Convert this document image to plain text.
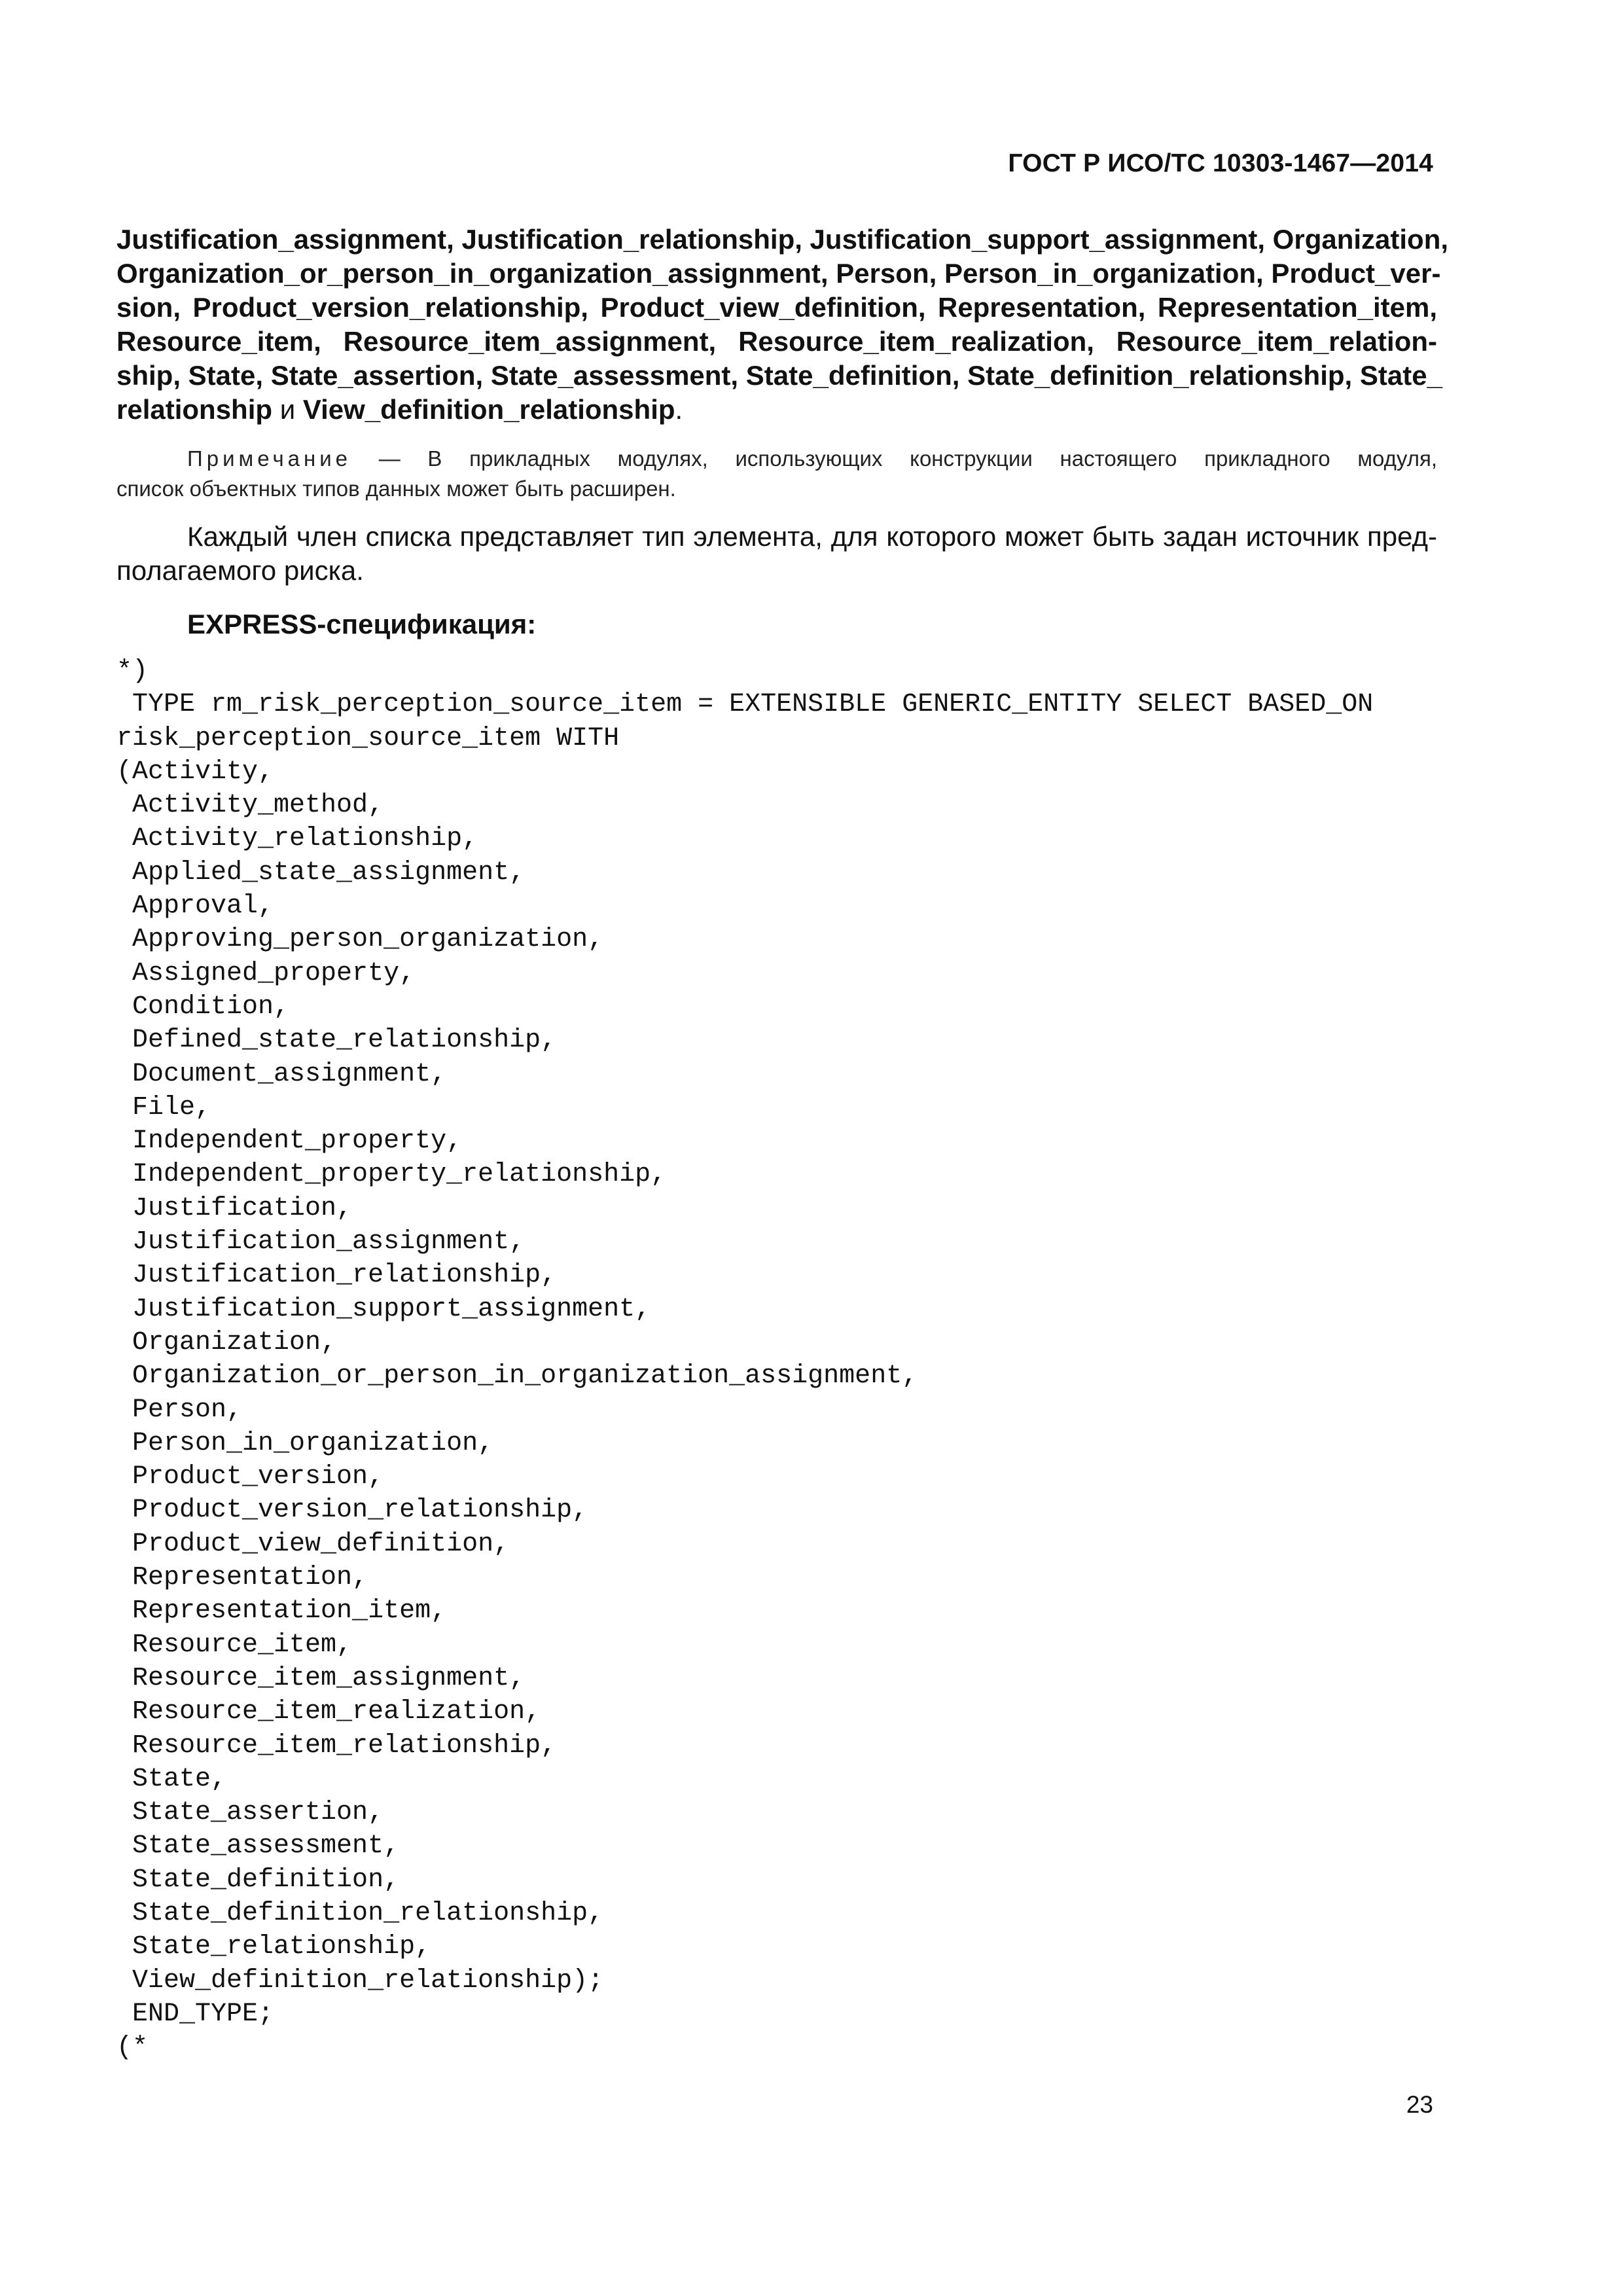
ГОСТ Р ИСО/ТС 10303-1467—2014
Justification_assignment, Justification_relationship, Justification_support_assignment, Organization,
Organization_or_person_in_organization_assignment, Person, Person_in_organization, Product_ver-
sion, Product_version_relationship, Product_view_definition, Representation, Representation_item,
Resource_item, Resource_item_assignment, Resource_item_realization, Resource_item_relation-
ship, State, State_assertion, State_assessment, State_definition, State_definition_relationship, State_
relationship и View_definition_relationship.
Примечание — В прикладных модулях, использующих конструкции настоящего прикладного модуля,
список объектных типов данных может быть расширен.
Каждый член списка представляет тип элемента, для которого может быть задан источник пред-
полагаемого риска.
EXPRESS-спецификация:
*)
TYPE rm_risk_perception_source_item = EXTENSIBLE GENERIC_ENTITY SELECT BASED_ON
risk_perception_source_item WITH
(Activity,
Activity_method,
Activity_relationship,
Applied_state_assignment,
Approval,
Approving_person_organization,
Assigned_property,
Condition,
Defined_state_relationship,
Document_assignment,
File,
Independent_property,
Independent_property_relationship,
Justification,
Justification_assignment,
Justification_relationship,
Justification_support_assignment,
Organization,
Organization_or_person_in_organization_assignment,
Person,
Person_in_organization,
Product_version,
Product_version_relationship,
Product_view_definition,
Representation,
Representation_item,
Resource_item,
Resource_item_assignment,
Resource_item_realization,
Resource_item_relationship,
State,
State_assertion,
State_assessment,
State_definition,
State_definition_relationship,
State_relationship,
View_definition_relationship);
END_TYPE;
(*
23
